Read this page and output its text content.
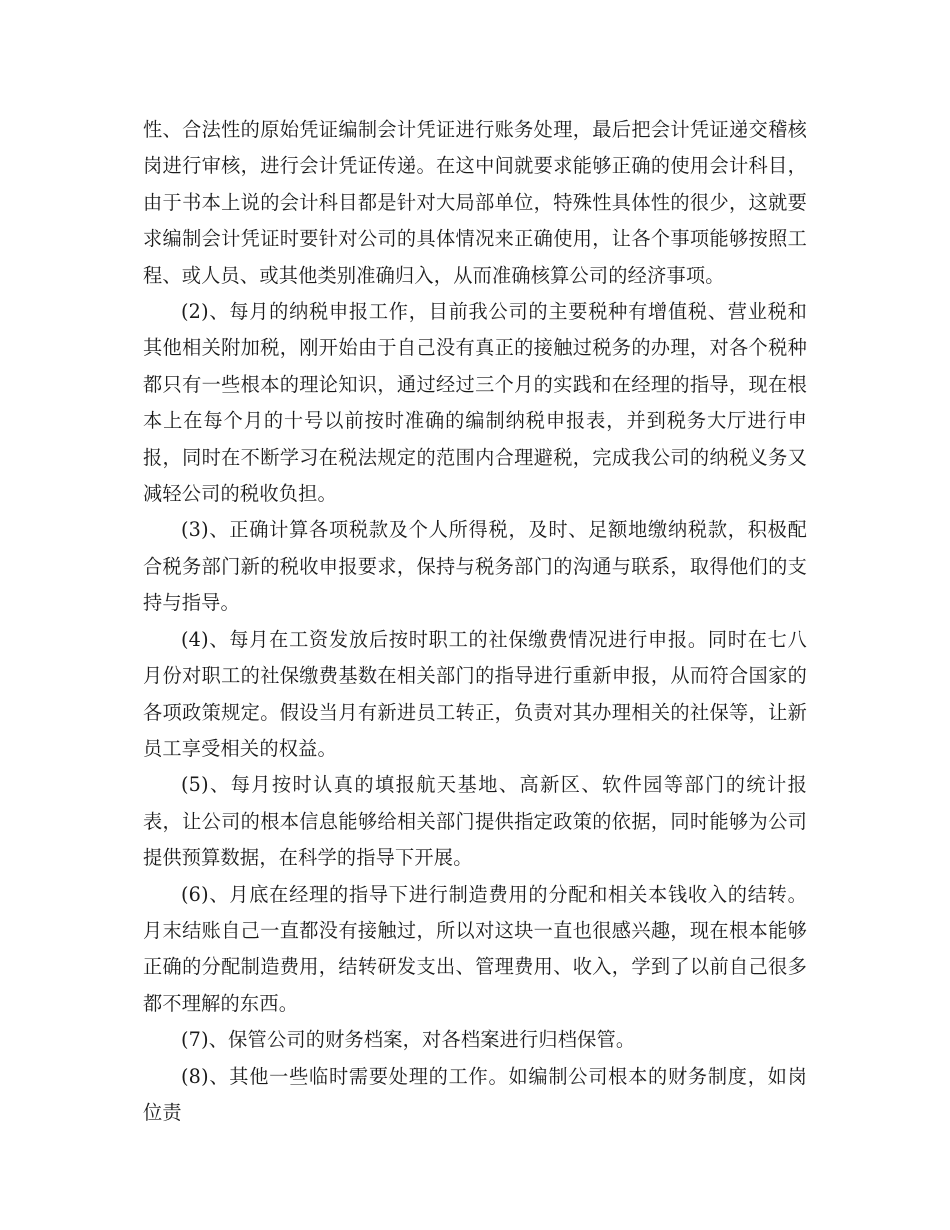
性、合法性的原始凭证编制会计凭证进行账务处理，最后把会计凭证递交稽核岗进行审核，进行会计凭证传递。在这中间就要求能够正确的使用会计科目，由于书本上说的会计科目都是针对大局部单位，特殊性具体性的很少，这就要求编制会计凭证时要针对公司的具体情况来正确使用，让各个事项能够按照工程、或人员、或其他类别准确归入，从而准确核算公司的经济事项。

(2)、每月的纳税申报工作，目前我公司的主要税种有增值税、营业税和其他相关附加税，刚开始由于自己没有真正的接触过税务的办理，对各个税种都只有一些根本的理论知识，通过经过三个月的实践和在经理的指导，现在根本上在每个月的十号以前按时准确的编制纳税申报表，并到税务大厅进行申报，同时在不断学习在税法规定的范围内合理避税，完成我公司的纳税义务又减轻公司的税收负担。

(3)、正确计算各项税款及个人所得税，及时、足额地缴纳税款，积极配合税务部门新的税收申报要求，保持与税务部门的沟通与联系，取得他们的支持与指导。

(4)、每月在工资发放后按时职工的社保缴费情况进行申报。同时在七八月份对职工的社保缴费基数在相关部门的指导进行重新申报，从而符合国家的各项政策规定。假设当月有新进员工转正，负责对其办理相关的社保等，让新员工享受相关的权益。

(5)、每月按时认真的填报航天基地、高新区、软件园等部门的统计报表，让公司的根本信息能够给相关部门提供指定政策的依据，同时能够为公司提供预算数据，在科学的指导下开展。

(6)、月底在经理的指导下进行制造费用的分配和相关本钱收入的结转。月末结账自己一直都没有接触过，所以对这块一直也很感兴趣，现在根本能够正确的分配制造费用，结转研发支出、管理费用、收入，学到了以前自己很多都不理解的东西。

(7)、保管公司的财务档案，对各档案进行归档保管。

(8)、其他一些临时需要处理的工作。如编制公司根本的财务制度，如岗位责
